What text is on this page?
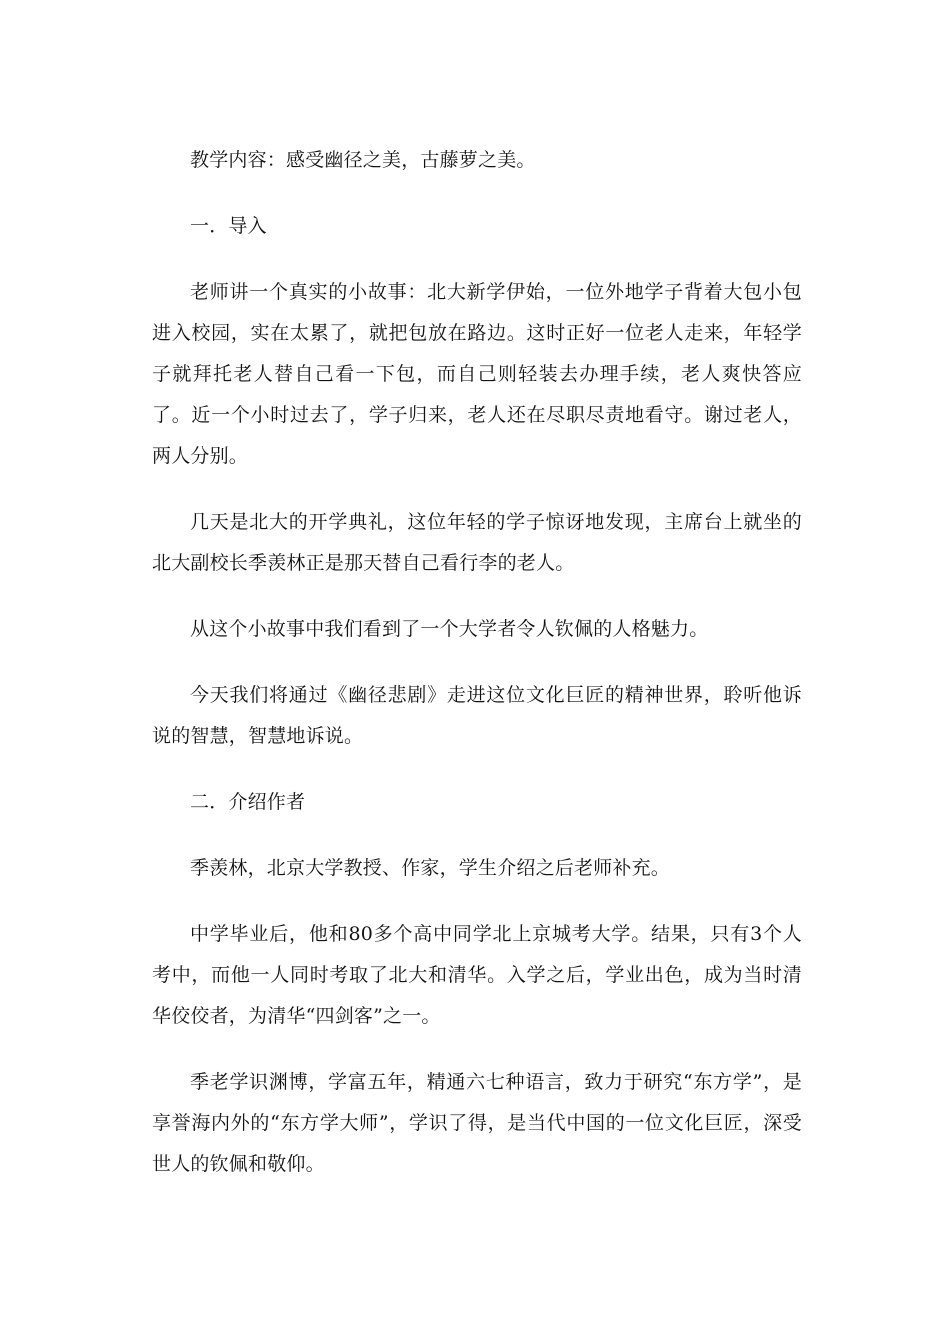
教学内容：感受幽径之美，古藤萝之美。

一．导入

老师讲一个真实的小故事：北大新学伊始，一位外地学子背着大包小包进入校园，实在太累了，就把包放在路边。这时正好一位老人走来，年轻学子就拜托老人替自己看一下包，而自己则轻装去办理手续，老人爽快答应了。近一个小时过去了，学子归来，老人还在尽职尽责地看守。谢过老人，两人分别。

几天是北大的开学典礼，这位年轻的学子惊讶地发现，主席台上就坐的北大副校长季羡林正是那天替自己看行李的老人。

从这个小故事中我们看到了一个大学者令人钦佩的人格魅力。

今天我们将通过《幽径悲剧》走进这位文化巨匠的精神世界，聆听他诉说的智慧，智慧地诉说。

二．介绍作者

季羡林，北京大学教授、作家，学生介绍之后老师补充。

中学毕业后，他和80多个高中同学北上京城考大学。结果，只有3个人考中，而他一人同时考取了北大和清华。入学之后，学业出色，成为当时清华佼佼者，为清华“四剑客”之一。

季老学识渊博，学富五年，精通六七种语言，致力于研究“东方学”，是享誉海内外的“东方学大师”，学识了得，是当代中国的一位文化巨匠，深受世人的钦佩和敬仰。
